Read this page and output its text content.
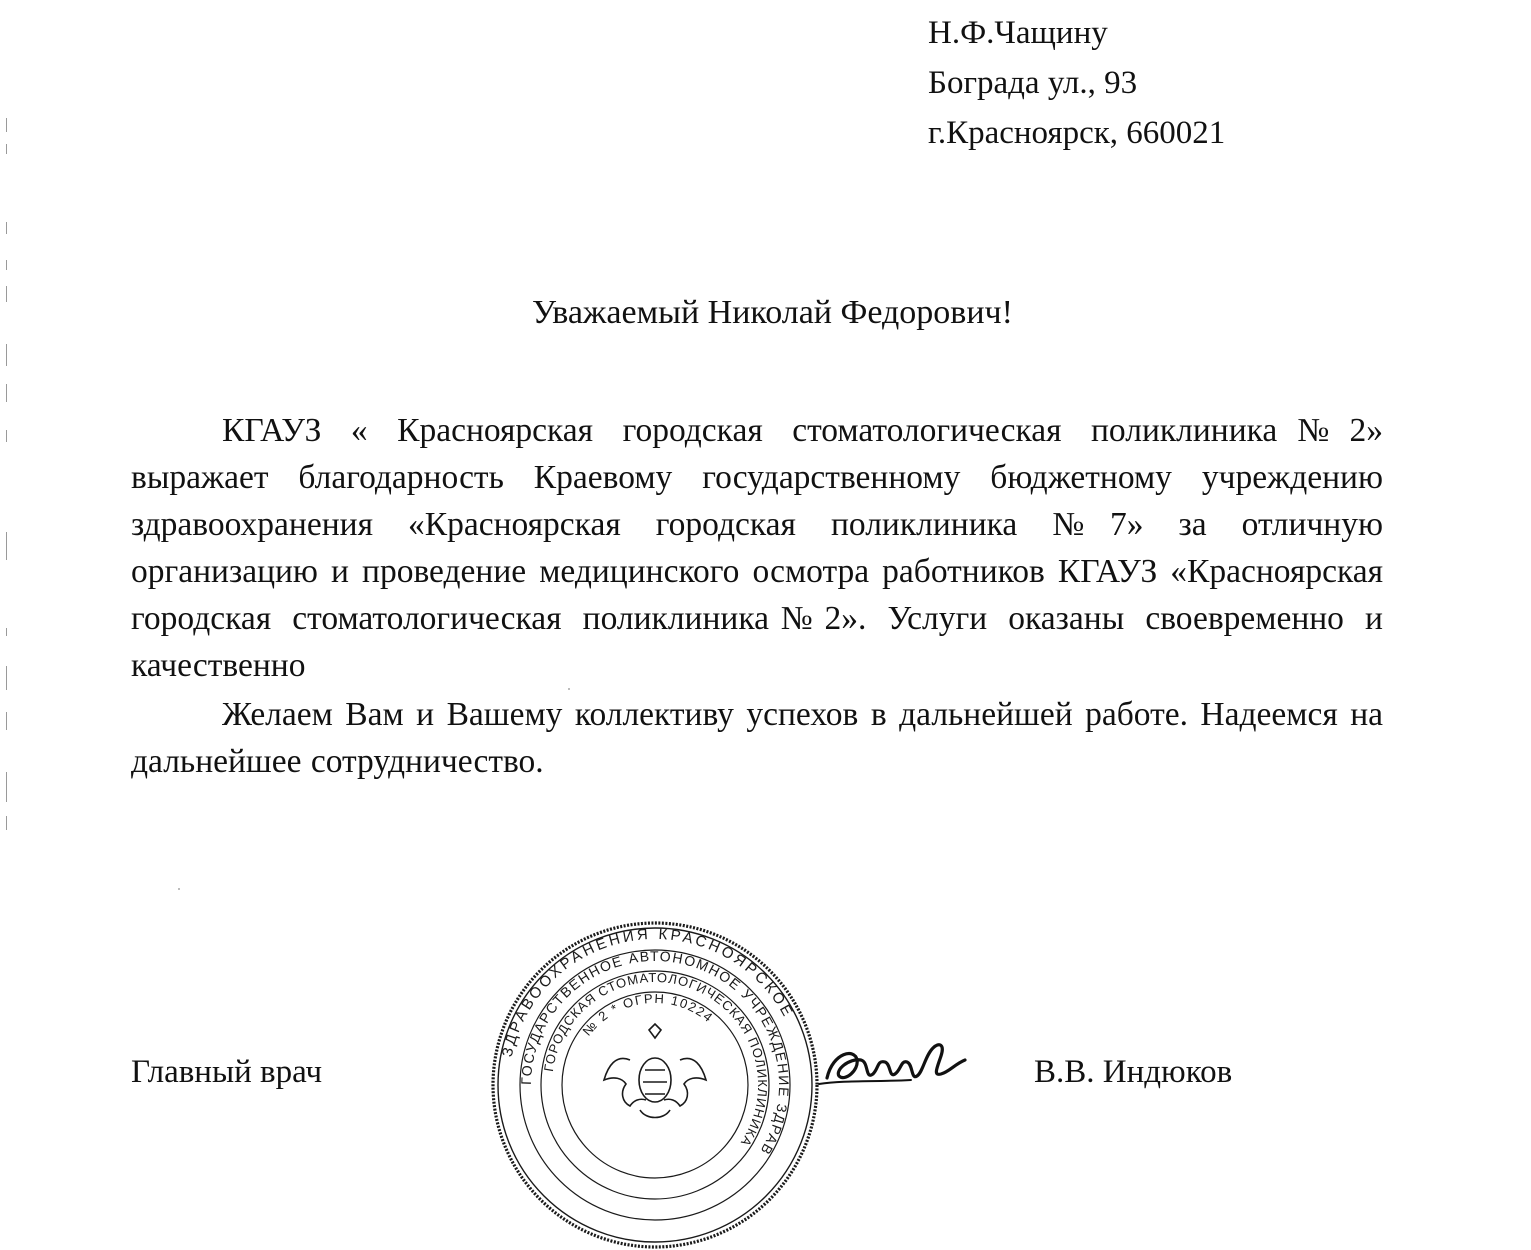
Н.Ф.Чащину
Бограда ул., 93
г.Красноярск, 660021
Уважаемый Николай Федорович!

КГАУЗ « Красноярская городская стоматологическая поликлиника№2» выражает благодарность Краевому государственному бюджетному учреждению здравоохранения «Красноярская городская поликлиника №7» за отличную организацию и проведение медицинского осмотра работников КГАУЗ «Красноярская городская стоматологическая поликлиника№2». Услуги оказаны своевременно и качественно

Желаем Вам и Вашему коллективу успехов в дальнейшей работе. Надеемся на дальнейшее сотрудничество.

ЗДРАВООХРАНЕНИЯ КРАСНОЯРСКОЕ
ГОСУДАРСТВЕННОЕ АВТОНОМНОЕ УЧРЕЖДЕНИЕ ЗДРАВ
ГОРОДСКАЯ СТОМАТОЛОГИЧЕСКАЯ ПОЛИКЛИНИКА
№ 2 * ОГРН 10224
Главный врач	В.В. Индюков
